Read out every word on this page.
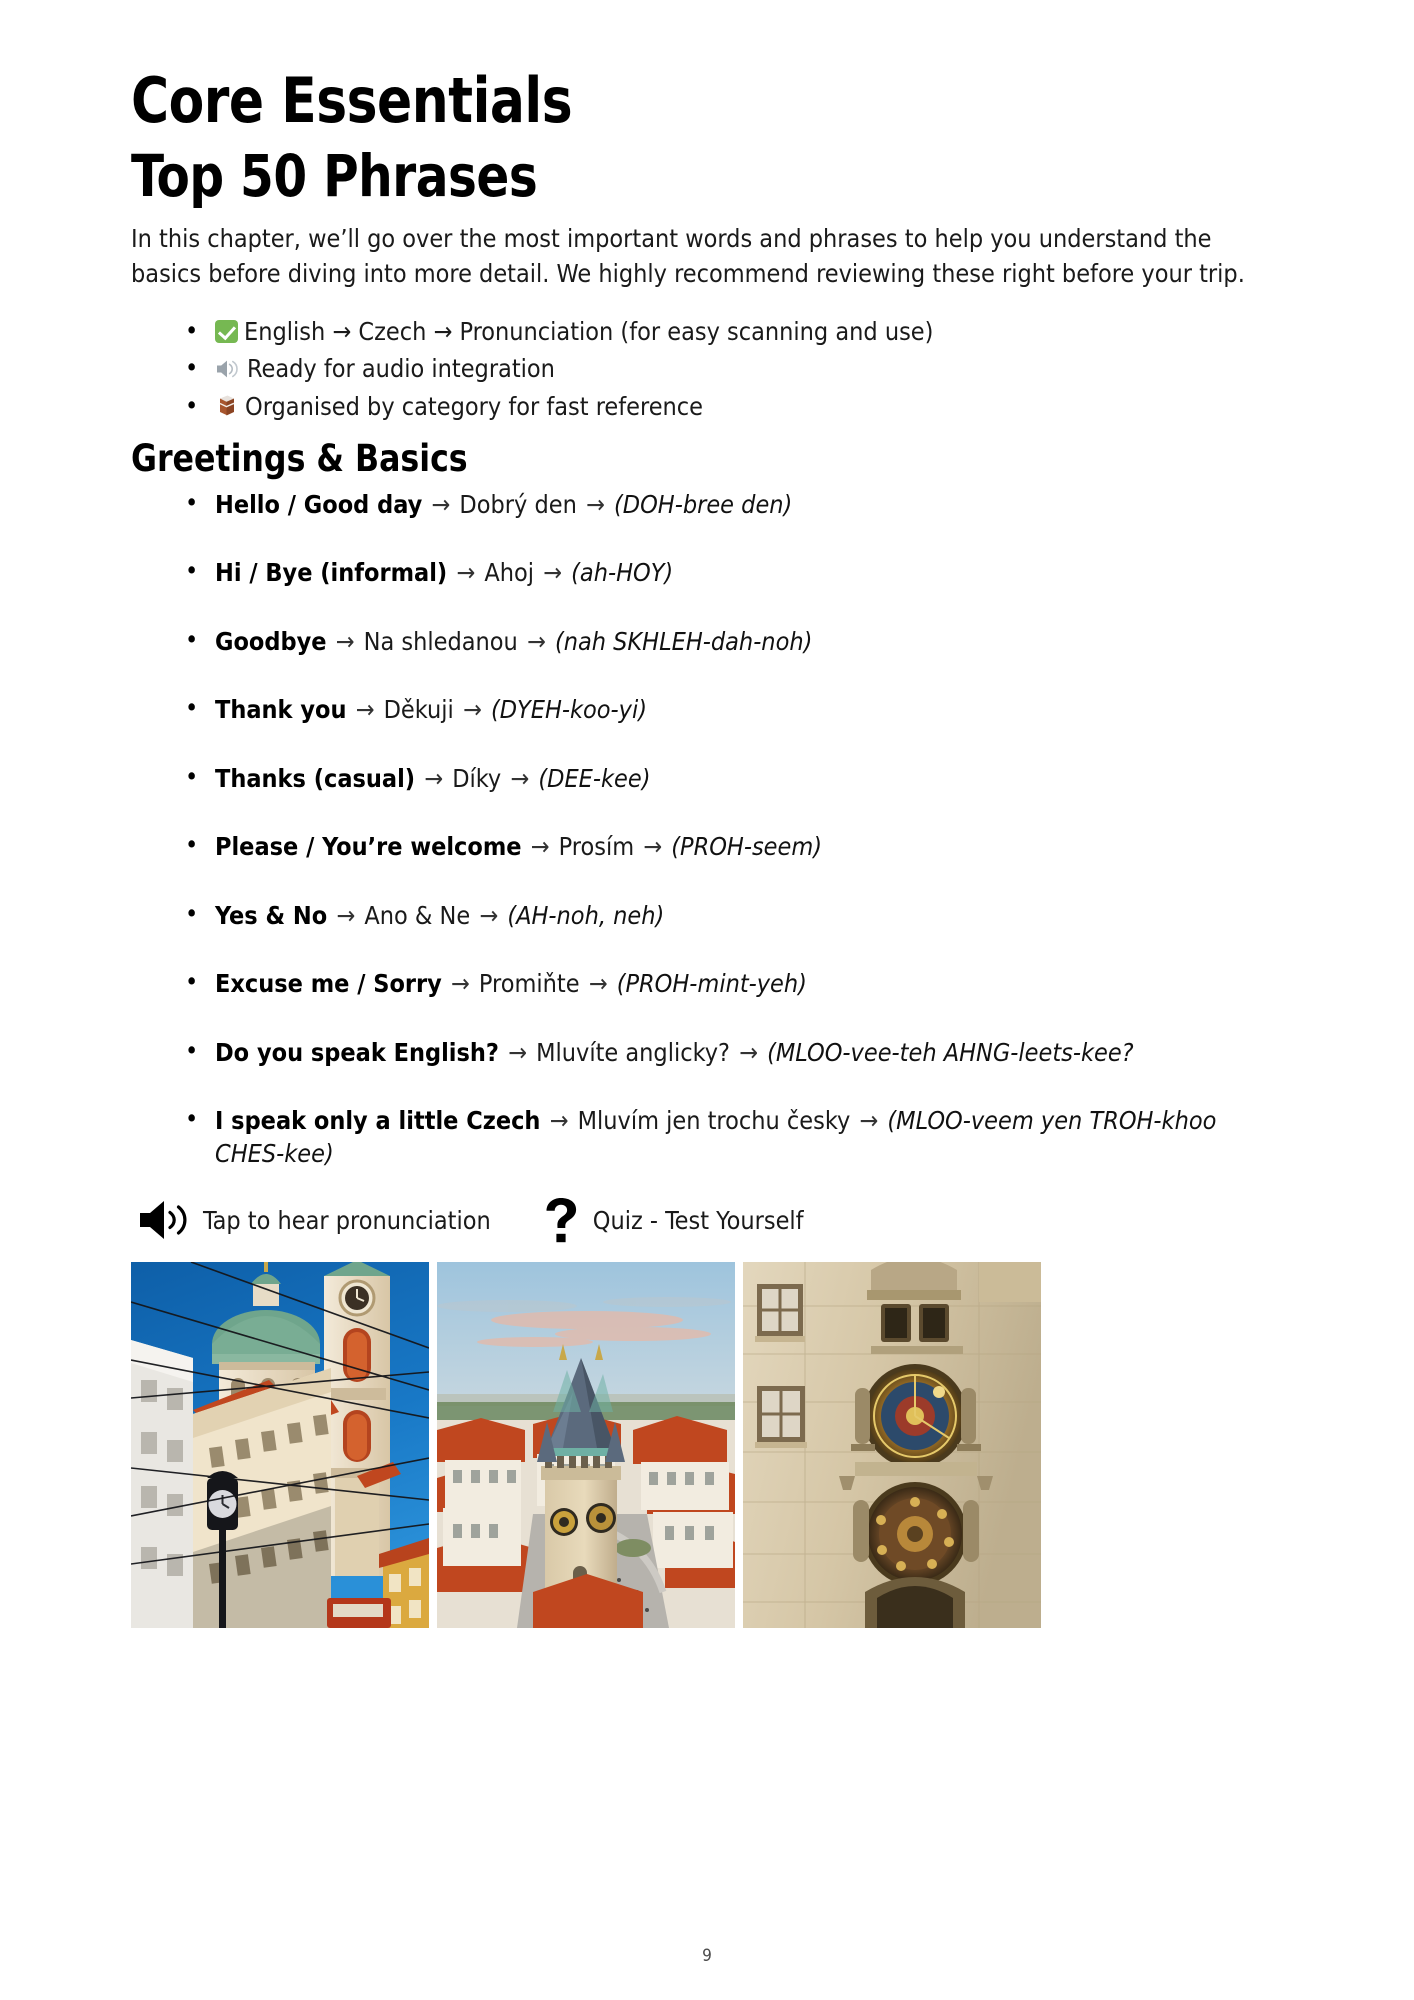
Core Essentials
Top 50 Phrases

In this chapter, we’ll go over the most important words and phrases to help you understand the basics before diving into more detail. We highly recommend reviewing these right before your trip.

• English → Czech → Pronunciation (for easy scanning and use)
• Ready for audio integration
• Organised by category for fast reference
Greetings & Basics
• Hello / Good day → Dobrý den → (DOH-bree den)
• Hi / Bye (informal) → Ahoj → (ah-HOY)
• Goodbye → Na shledanou → (nah SKHLEH-dah-noh)
• Thank you → Děkuji → (DYEH-koo-yi)
• Thanks (casual) → Díky → (DEE-kee)
• Please / You’re welcome → Prosím → (PROH-seem)
• Yes & No → Ano & Ne → (AH-noh, neh)
• Excuse me / Sorry → Promiňte → (PROH-mint-yeh)
• Do you speak English? → Mluvíte anglicky? → (MLOO-vee-teh AHNG-leets-kee?
• I speak only a little Czech → Mluvím jen trochu česky → (MLOO-veem yen TROH-khoo CHES-kee)
Tap to hear pronunciation	Quiz - Test Yourself
9
